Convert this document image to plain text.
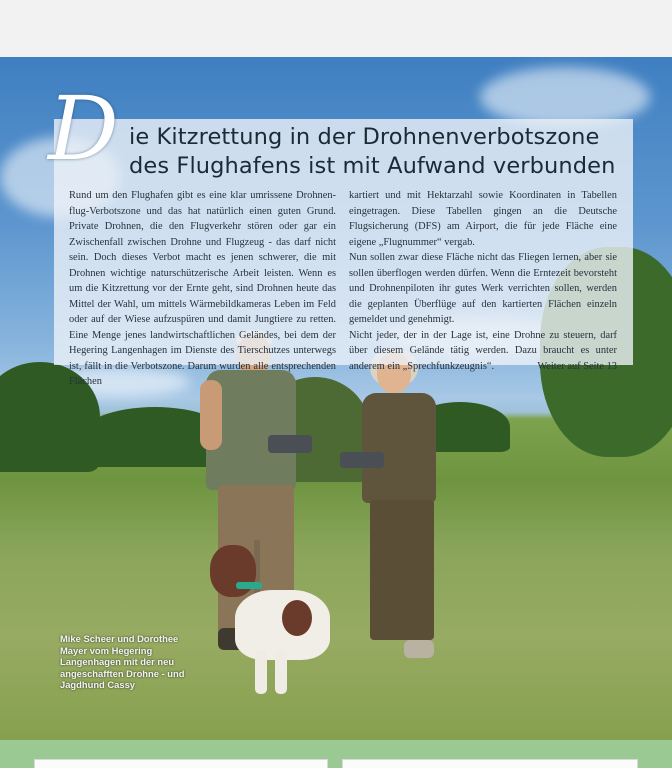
D ie Kitzrettung in der Drohnenverbotszone
des Flughafens ist mit Aufwand verbunden

Rund um den Flughafen gibt es eine klar umrissene Drohnen-flug-Verbotszone und das hat natürlich einen guten Grund. Private Drohnen, die den Flugverkehr stören oder gar ein Zwischenfall zwischen Drohne und Flugzeug - das darf nicht sein. Doch dieses Verbot macht es jenen schwerer, die mit Drohnen wichtige naturschützerische Arbeit leisten. Wenn es um die Kitzrettung vor der Ernte geht, sind Drohnen heute das Mittel der Wahl, um mittels Wärmebildkameras Leben im Feld oder auf der Wiese aufzuspüren und damit Jungtiere zu retten. Eine Menge jenes landwirtschaftlichen Geländes, bei dem der Hegering Langenhagen im Dienste des Tierschutzes unterwegs ist, fällt in die Verbotszone. Darum wurden alle entsprechenden Flächen

kartiert und mit Hektarzahl sowie Koordinaten in Tabellen eingetragen. Diese Tabellen gingen an die Deutsche Flugsicherung (DFS) am Airport, die für jede Fläche eine eigene „Flugnummer“ vergab.

Nun sollen zwar diese Fläche nicht das Fliegen lernen, aber sie sollen überflogen werden dürfen. Wenn die Erntezeit bevorsteht und Drohnenpiloten ihr gutes Werk verrichten sollen, werden die geplanten Überflüge auf den kartierten Flächen einzeln gemeldet und genehmigt.

Nicht jeder, der in der Lage ist, eine Drohne zu steuern, darf über diesem Gelände tätig werden. Dazu braucht es unter anderem ein „Sprechfunkzeugnis“.	Weiter auf Seite 13
Mike Scheer und Dorothee Mayer vom Hegering Langenhagen mit der neu angeschafften Drohne - und Jagdhund Cassy
